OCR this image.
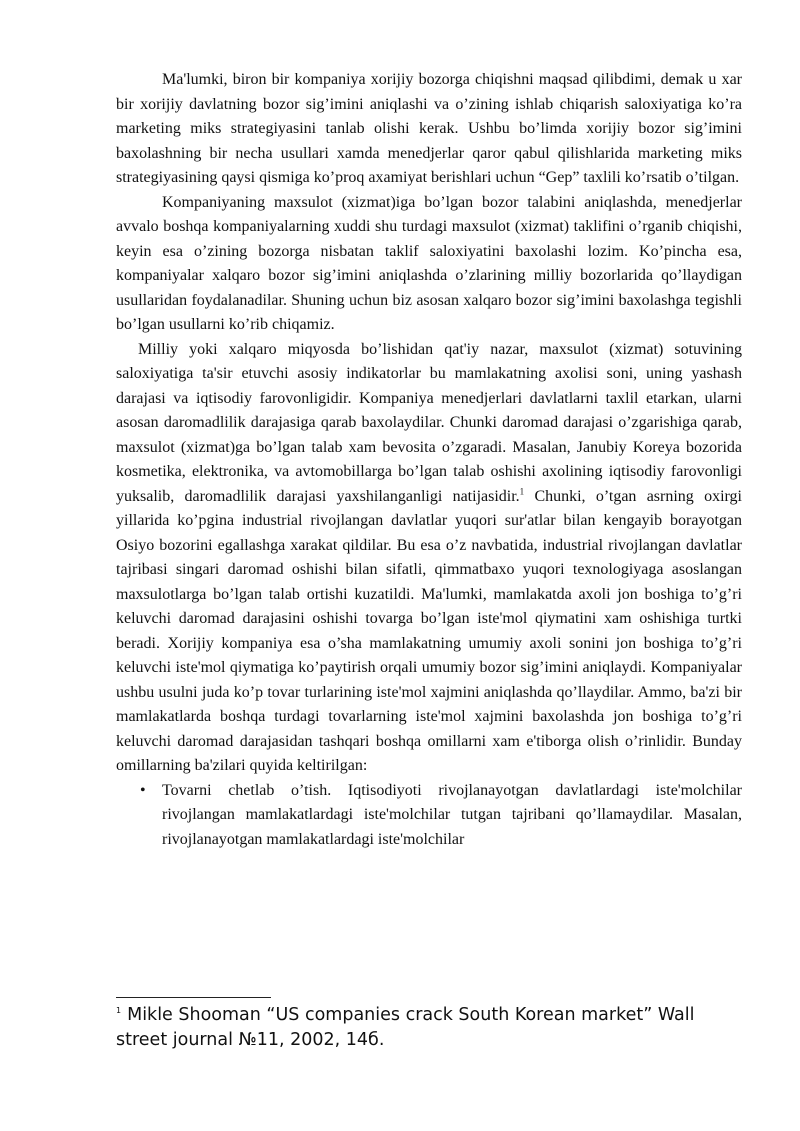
Ma'lumki, biron bir kompaniya xorijiy bozorga chiqishni maqsad qilibdimi, demak u xar bir xorijiy davlatning bozor sig’imini aniqlashi va o’zining ishlab chiqarish saloxiyatiga ko’ra marketing miks strategiyasini tanlab olishi kerak. Ushbu bo’limda xorijiy bozor sig’imini baxolashning bir necha usullari xamda menedjerlar qaror qabul qilishlarida marketing miks strategiyasining qaysi qismiga ko’proq axamiyat berishlari uchun “Gep” taxlili ko’rsatib o’tilgan.

Kompaniyaning maxsulot (xizmat)iga bo’lgan bozor talabini aniqlashda, menedjerlar avvalo boshqa kompaniyalarning xuddi shu turdagi maxsulot (xizmat) taklifini o’rganib chiqishi, keyin esa o’zining bozorga nisbatan taklif saloxiyatini baxolashi lozim. Ko’pincha esa, kompaniyalar xalqaro bozor sig’imini aniqlashda o’zlarining milliy bozorlarida qo’llaydigan usullaridan foydalanadilar. Shuning uchun biz asosan xalqaro bozor sig’imini baxolashga tegishli bo’lgan usullarni ko’rib chiqamiz.

Milliy yoki xalqaro miqyosda bo’lishidan qat'iy nazar, maxsulot (xizmat) sotuvining saloxiyatiga ta'sir etuvchi asosiy indikatorlar bu mamlakatning axolisi soni, uning yashash darajasi va iqtisodiy farovonligidir. Kompaniya menedjerlari davlatlarni taxlil etarkan, ularni asosan daromadlilik darajasiga qarab baxolaydilar. Chunki daromad darajasi o’zgarishiga qarab, maxsulot (xizmat)ga bo’lgan talab xam bevosita o’zgaradi. Masalan, Janubiy Koreya bozorida kosmetika, elektronika, va avtomobillarga bo’lgan talab oshishi axolining iqtisodiy farovonligi yuksalib, daromadlilik darajasi yaxshilanganligi natijasidir.$^1$ Chunki, o’tgan asrning oxirgi yillarida ko’pgina industrial rivojlangan davlatlar yuqori sur'atlar bilan kengayib borayotgan Osiyo bozorini egallashga xarakat qildilar. Bu esa o’z navbatida, industrial rivojlangan davlatlar tajribasi singari daromad oshishi bilan sifatli, qimmatbaxo yuqori texnologiyaga asoslangan maxsulotlarga bo’lgan talab ortishi kuzatildi. Ma'lumki, mamlakatda axoli jon boshiga to’g’ri keluvchi daromad darajasini oshishi tovarga bo’lgan iste'mol qiymatini xam oshishiga turtki beradi. Xorijiy kompaniya esa o’sha mamlakatning umumiy axoli sonini jon boshiga to’g’ri keluvchi iste'mol qiymatiga ko’paytirish orqali umumiy bozor sig’imini aniqlaydi. Kompaniyalar ushbu usulni juda ko’p tovar turlarining iste'mol xajmini aniqlashda qo’llaydilar. Ammo, ba'zi bir mamlakatlarda boshqa turdagi tovarlarning iste'mol xajmini baxolashda jon boshiga to’g’ri keluvchi daromad darajasidan tashqari boshqa omillarni xam e'tiborga olish o’rinlidir. Bunday omillarning ba'zilari quyida keltirilgan:

• Tovarni chetlab o’tish. Iqtisodiyoti rivojlanayotgan davlatlardagi iste'molchilar rivojlangan mamlakatlardagi iste'molchilar tutgan tajribani qo’llamaydilar. Masalan, rivojlanayotgan mamlakatlardagi iste'molchilar
$^1$ Mikle Shooman “US companies crack South Korean market” Wall street journal №11, 2002, 14б.
